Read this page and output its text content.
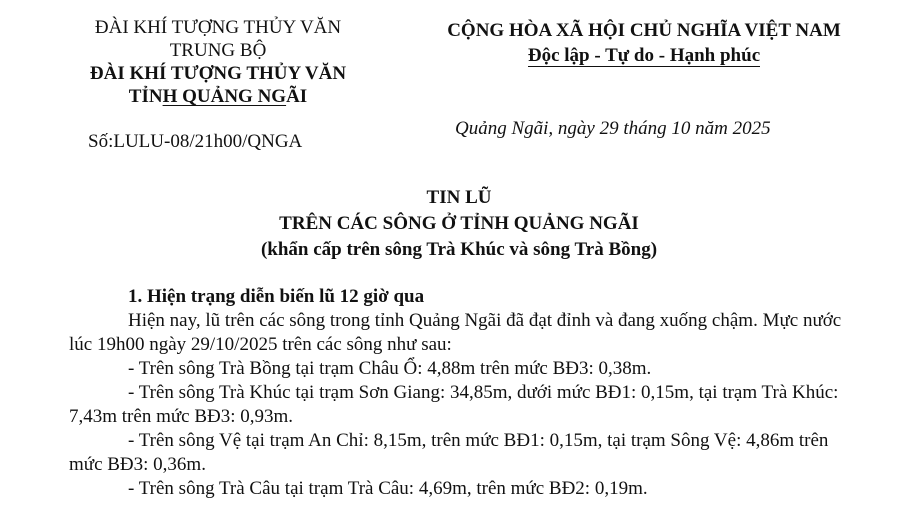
ĐÀI KHÍ TƯỢNG THỦY VĂN
TRUNG BỘ
ĐÀI KHÍ TƯỢNG THỦY VĂN
TỈNH QUẢNG NGÃI
Số:LULU-08/21h00/QNGA
CỘNG HÒA XÃ HỘI CHỦ NGHĨA VIỆT NAM
Độc lập - Tự do - Hạnh phúc
Quảng Ngãi, ngày 29 tháng 10 năm 2025
TIN LŨ
TRÊN CÁC SÔNG Ở TỈNH QUẢNG NGÃI
(khẩn cấp trên sông Trà Khúc và sông Trà Bồng)

1. Hiện trạng diễn biến lũ 12 giờ qua

Hiện nay, lũ trên các sông trong tỉnh Quảng Ngãi đã đạt đỉnh và đang xuống chậm. Mực nước lúc 19h00 ngày 29/10/2025 trên các sông như sau:

- Trên sông Trà Bồng tại trạm Châu Ổ: 4,88m trên mức BĐ3: 0,38m.

- Trên sông Trà Khúc tại trạm Sơn Giang: 34,85m, dưới mức BĐ1: 0,15m, tại trạm Trà Khúc: 7,43m trên mức BĐ3: 0,93m.

- Trên sông Vệ tại trạm An Chỉ: 8,15m, trên mức BĐ1: 0,15m, tại trạm Sông Vệ: 4,86m trên mức BĐ3: 0,36m.

- Trên sông Trà Câu tại trạm Trà Câu: 4,69m, trên mức BĐ2: 0,19m.
